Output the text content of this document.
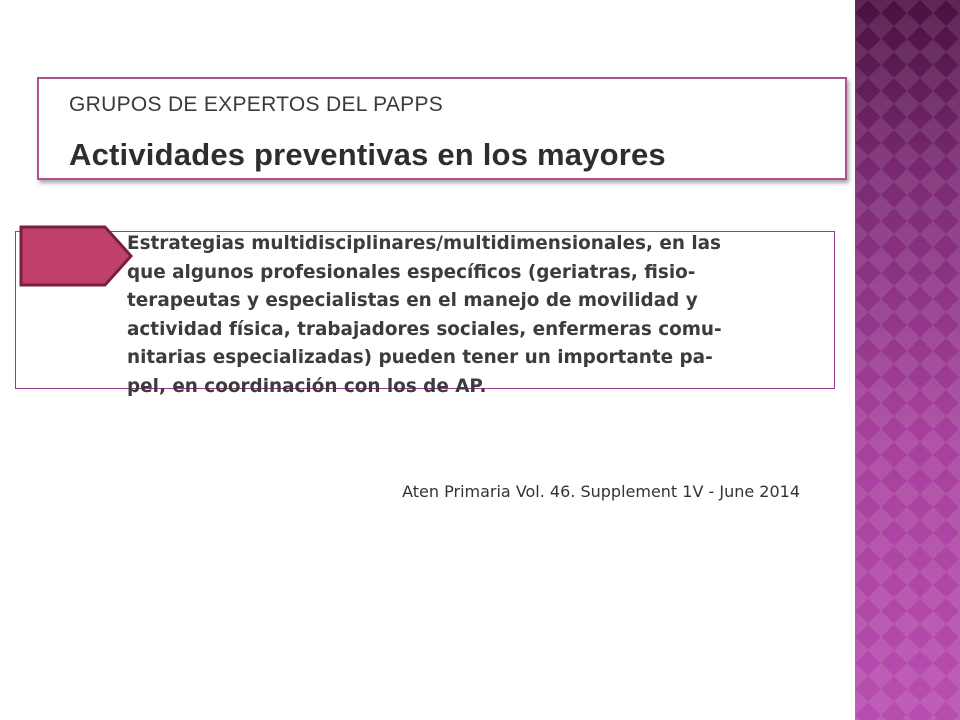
GRUPOS DE EXPERTOS DEL PAPPS
Actividades preventivas en los mayores

Estrategias multidisciplinares/multidimensionales, en las
que algunos profesionales específicos (geriatras, fisio-
terapeutas y especialistas en el manejo de movilidad y
actividad física, trabajadores sociales, enfermeras comu-
nitarias especializadas) pueden tener un importante pa-
pel, en coordinación con los de AP.

Aten Primaria Vol. 46. Supplement 1V - June 2014
